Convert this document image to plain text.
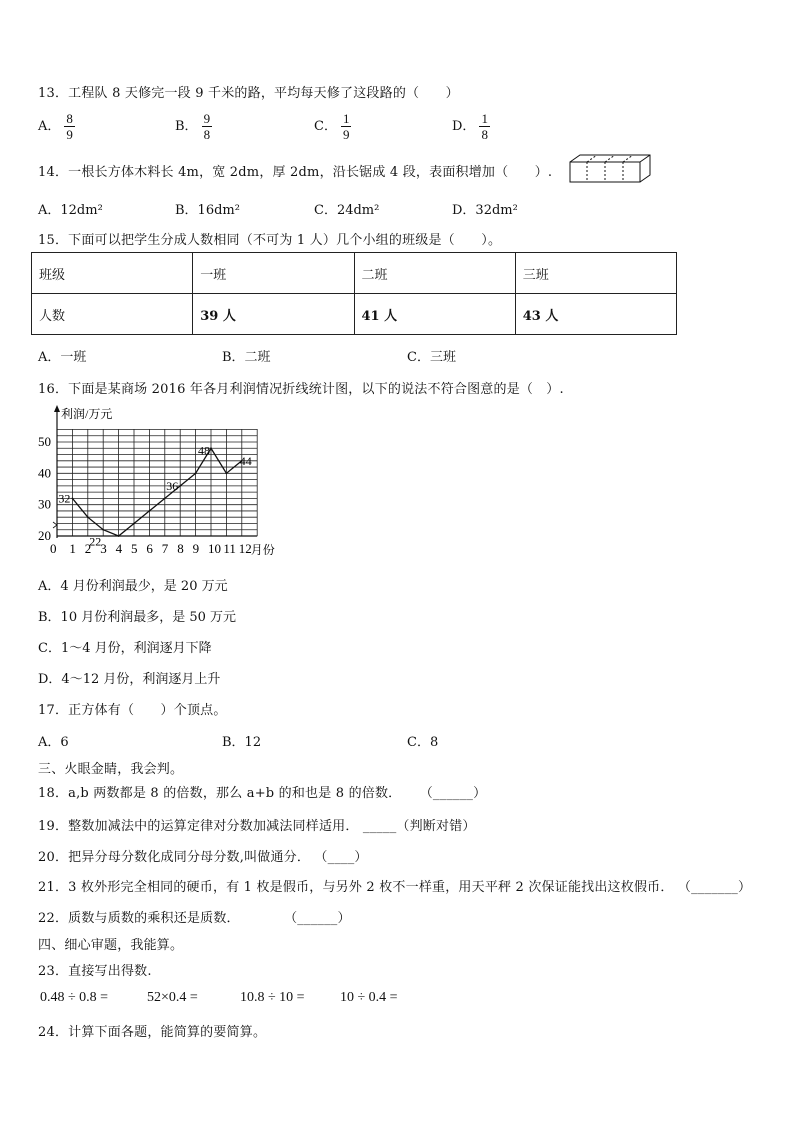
13．工程队 8 天修完一段 9 千米的路，平均每天修了这段路的（　　）
A． $\frac{8}{9}$	B． $\frac{9}{8}$	C． $\frac{1}{9}$	D． $\frac{1}{8}$
14．一根长方体木料长 4m，宽 2dm，厚 2dm，沿长锯成 4 段，表面积增加（　　）.
A．12dm²	B．16dm²	C．24dm²	D．32dm²
15．下面可以把学生分成人数相同（不可为 1 人）几个小组的班级是（　　）。
班级	一班	二班	三班
人数	39 人	41 人	43 人
A．一班	B．二班	C．三班
16．下面是某商场 2016 年各月利润情况折线统计图，以下的说法不符合图意的是（　）.
0 1 2 3 4 5 6 7 8 9 10 11 12
20
30
40
50
32
22
36
48
44
利润/万元
月份
A．4 月份利润最少，是 20 万元
B．10 月份利润最多，是 50 万元
C．1～4 月份，利润逐月下降
D．4～12 月份，利润逐月上升
17．正方体有（　　）个顶点。
A．6	B．12	C．8
三、火眼金睛，我会判。
18．a,b 两数都是 8 的倍数，那么 a+b 的和也是 8 的倍数． （______）
19．整数加减法中的运算定律对分数加减法同样适用． _____（判断对错）
20．把异分母分数化成同分母分数,叫做通分． （____）
21．3 枚外形完全相同的硬币，有 1 枚是假币，与另外 2 枚不一样重，用天平秤 2 次保证能找出这枚假币． （_______）
22．质数与质数的乘积还是质数．	（______）
四、细心审题，我能算。
23．直接写出得数.
0.48 ÷ 0.8 =	52×0.4 =	10.8 ÷ 10 =	10 ÷ 0.4 =
24．计算下面各题，能简算的要简算。
